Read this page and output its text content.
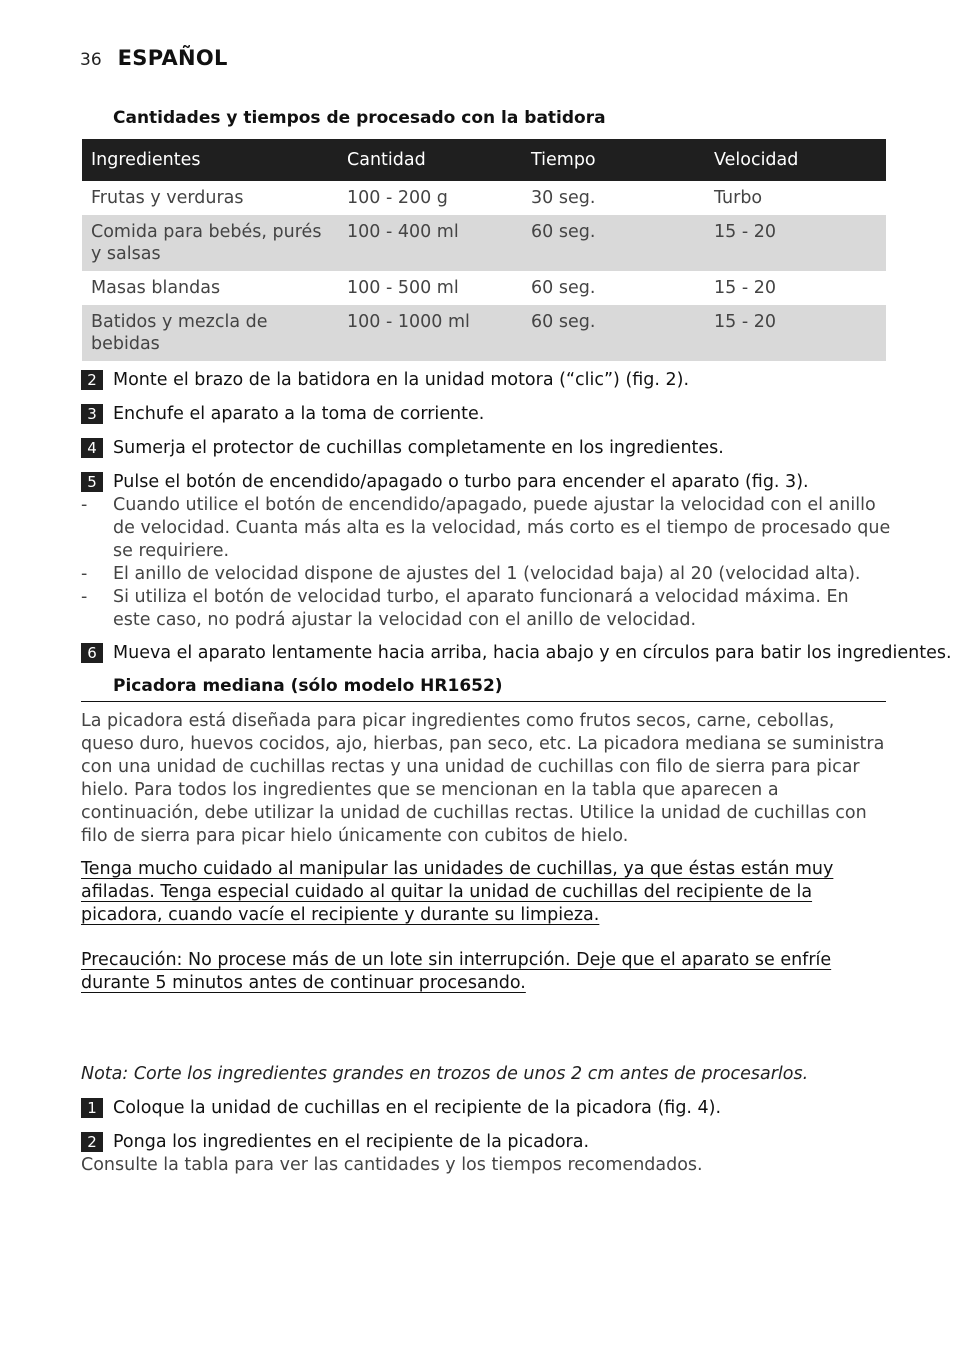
36 ESPAÑOL
Cantidades y tiempos de procesado con la batidora
Ingredientes	Cantidad	Tiempo	Velocidad
Frutas y verduras	100 - 200 g	30 seg.	Turbo
Comida para bebés, purés y salsas	100 - 400 ml	60 seg.	15 - 20
Masas blandas	100 - 500 ml	60 seg.	15 - 20
Batidos y mezcla de bebidas	100 - 1000 ml	60 seg.	15 - 20
2 Monte el brazo de la batidora en la unidad motora (“clic”) (fig. 2).
3 Enchufe el aparato a la toma de corriente.
4 Sumerja el protector de cuchillas completamente en los ingredientes.
5 Pulse el botón de encendido/apagado o turbo para encender el aparato (fig. 3).
-	Cuando utilice el botón de encendido/apagado, puede ajustar la velocidad con el anillo de velocidad. Cuanta más alta es la velocidad, más corto es el tiempo de procesado que se requiriere.
-	El anillo de velocidad dispone de ajustes del 1 (velocidad baja) al 20 (velocidad alta).
-	Si utiliza el botón de velocidad turbo, el aparato funcionará a velocidad máxima. En este caso, no podrá ajustar la velocidad con el anillo de velocidad.
6 Mueva el aparato lentamente hacia arriba, hacia abajo y en círculos para batir los ingredientes.
Picadora mediana (sólo modelo HR1652)
La picadora está diseñada para picar ingredientes como frutos secos, carne, cebollas, queso duro, huevos cocidos, ajo, hierbas, pan seco, etc. La picadora mediana se suministra con una unidad de cuchillas rectas y una unidad de cuchillas con filo de sierra para picar hielo. Para todos los ingredientes que se mencionan en la tabla que aparecen a continuación, debe utilizar la unidad de cuchillas rectas. Utilice la unidad de cuchillas con filo de sierra para picar hielo únicamente con cubitos de hielo.
Tenga mucho cuidado al manipular las unidades de cuchillas, ya que éstas están muy afiladas. Tenga especial cuidado al quitar la unidad de cuchillas del recipiente de la picadora, cuando vacíe el recipiente y durante su limpieza.
Precaución: No procese más de un lote sin interrupción. Deje que el aparato se enfríe durante 5 minutos antes de continuar procesando.
Nota: Corte los ingredientes grandes en trozos de unos 2 cm antes de procesarlos.
1 Coloque la unidad de cuchillas en el recipiente de la picadora (fig. 4).
2 Ponga los ingredientes en el recipiente de la picadora.
Consulte la tabla para ver las cantidades y los tiempos recomendados.
